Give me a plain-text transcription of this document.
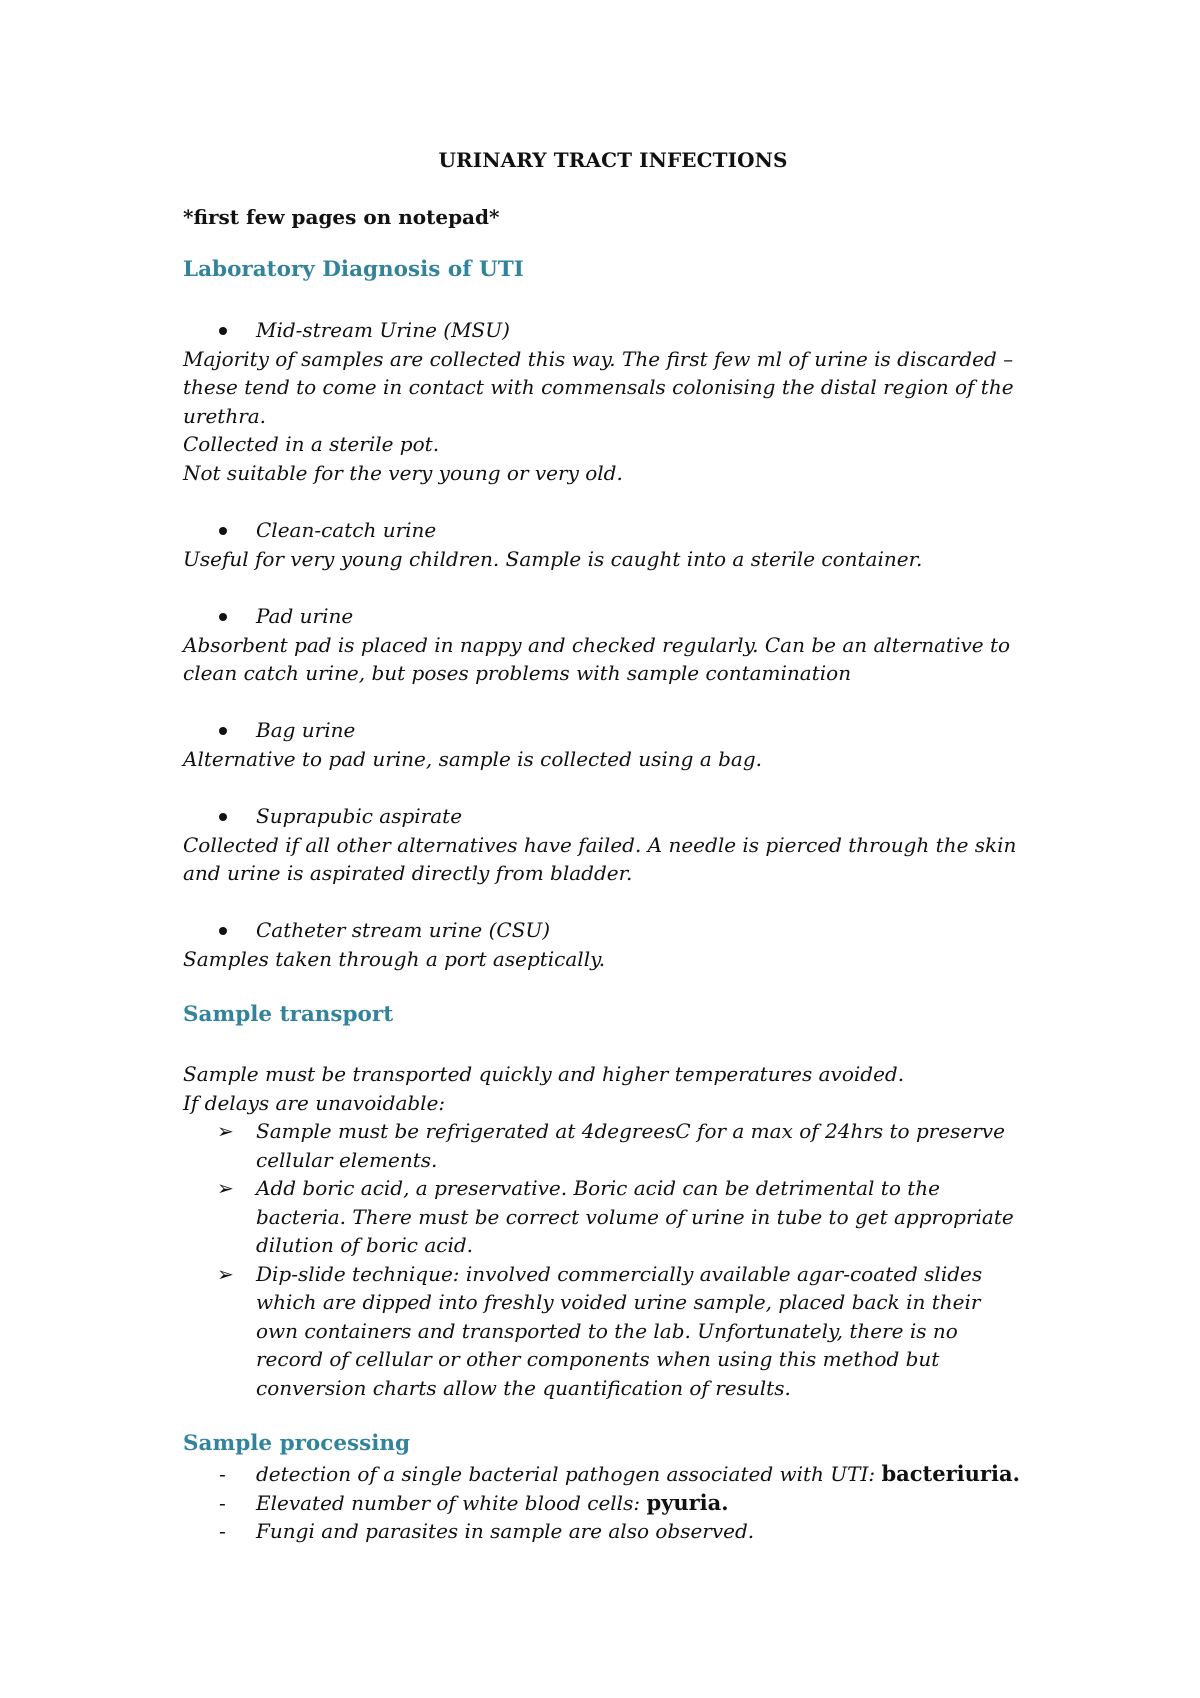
URINARY TRACT INFECTIONS
*first few pages on notepad*
Laboratory Diagnosis of UTI
Mid-stream Urine (MSU)

Majority of samples are collected this way. The first few ml of urine is discarded –

these tend to come in contact with commensals colonising the distal region of the

urethra.

Collected in a sterile pot.

Not suitable for the very young or very old.

Clean-catch urine

Useful for very young children. Sample is caught into a sterile container.

Pad urine

Absorbent pad is placed in nappy and checked regularly. Can be an alternative to

clean catch urine, but poses problems with sample contamination

Bag urine

Alternative to pad urine, sample is collected using a bag.

Suprapubic aspirate

Collected if all other alternatives have failed. A needle is pierced through the skin

and urine is aspirated directly from bladder.

Catheter stream urine (CSU)

Samples taken through a port aseptically.

Sample transport

Sample must be transported quickly and higher temperatures avoided.

If delays are unavoidable:

➢ Sample must be refrigerated at 4degreesC for a max of 24hrs to preserve cellular elements.
➢ Add boric acid, a preservative. Boric acid can be detrimental to the bacteria. There must be correct volume of urine in tube to get appropriate dilution of boric acid.
➢ Dip-slide technique: involved commercially available agar-coated slides which are dipped into freshly voided urine sample, placed back in their own containers and transported to the lab. Unfortunately, there is no record of cellular or other components when using this method but conversion charts allow the quantification of results.
Sample processing
- detection of a single bacterial pathogen associated with UTI: bacteriuria.
- Elevated number of white blood cells: pyuria.
- Fungi and parasites in sample are also observed.
